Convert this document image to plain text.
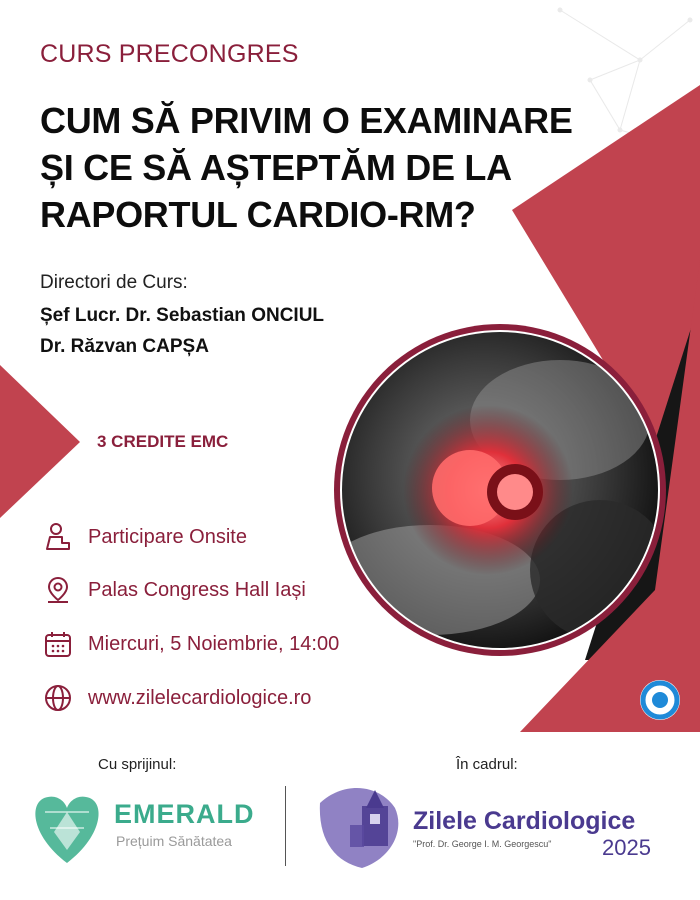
CURS PRECONGRES
CUM SĂ PRIVIM O EXAMINARE
ȘI CE SĂ AȘTEPTĂM DE LA
RAPORTUL CARDIO-RM?
Directori de Curs:
Șef Lucr. Dr. Sebastian ONCIUL
Dr. Răzvan CAPȘA
3 CREDITE EMC
Participare Onsite
Palas Congress Hall Iași
Miercuri, 5 Noiembrie, 14:00
www.zilelecardiologice.ro
Cu sprijinul:	În cadrul:
EMERALD
Prețuim Sănătatea
Zilele Cardiologice
"Prof. Dr. George I. M. Georgescu" 2025
